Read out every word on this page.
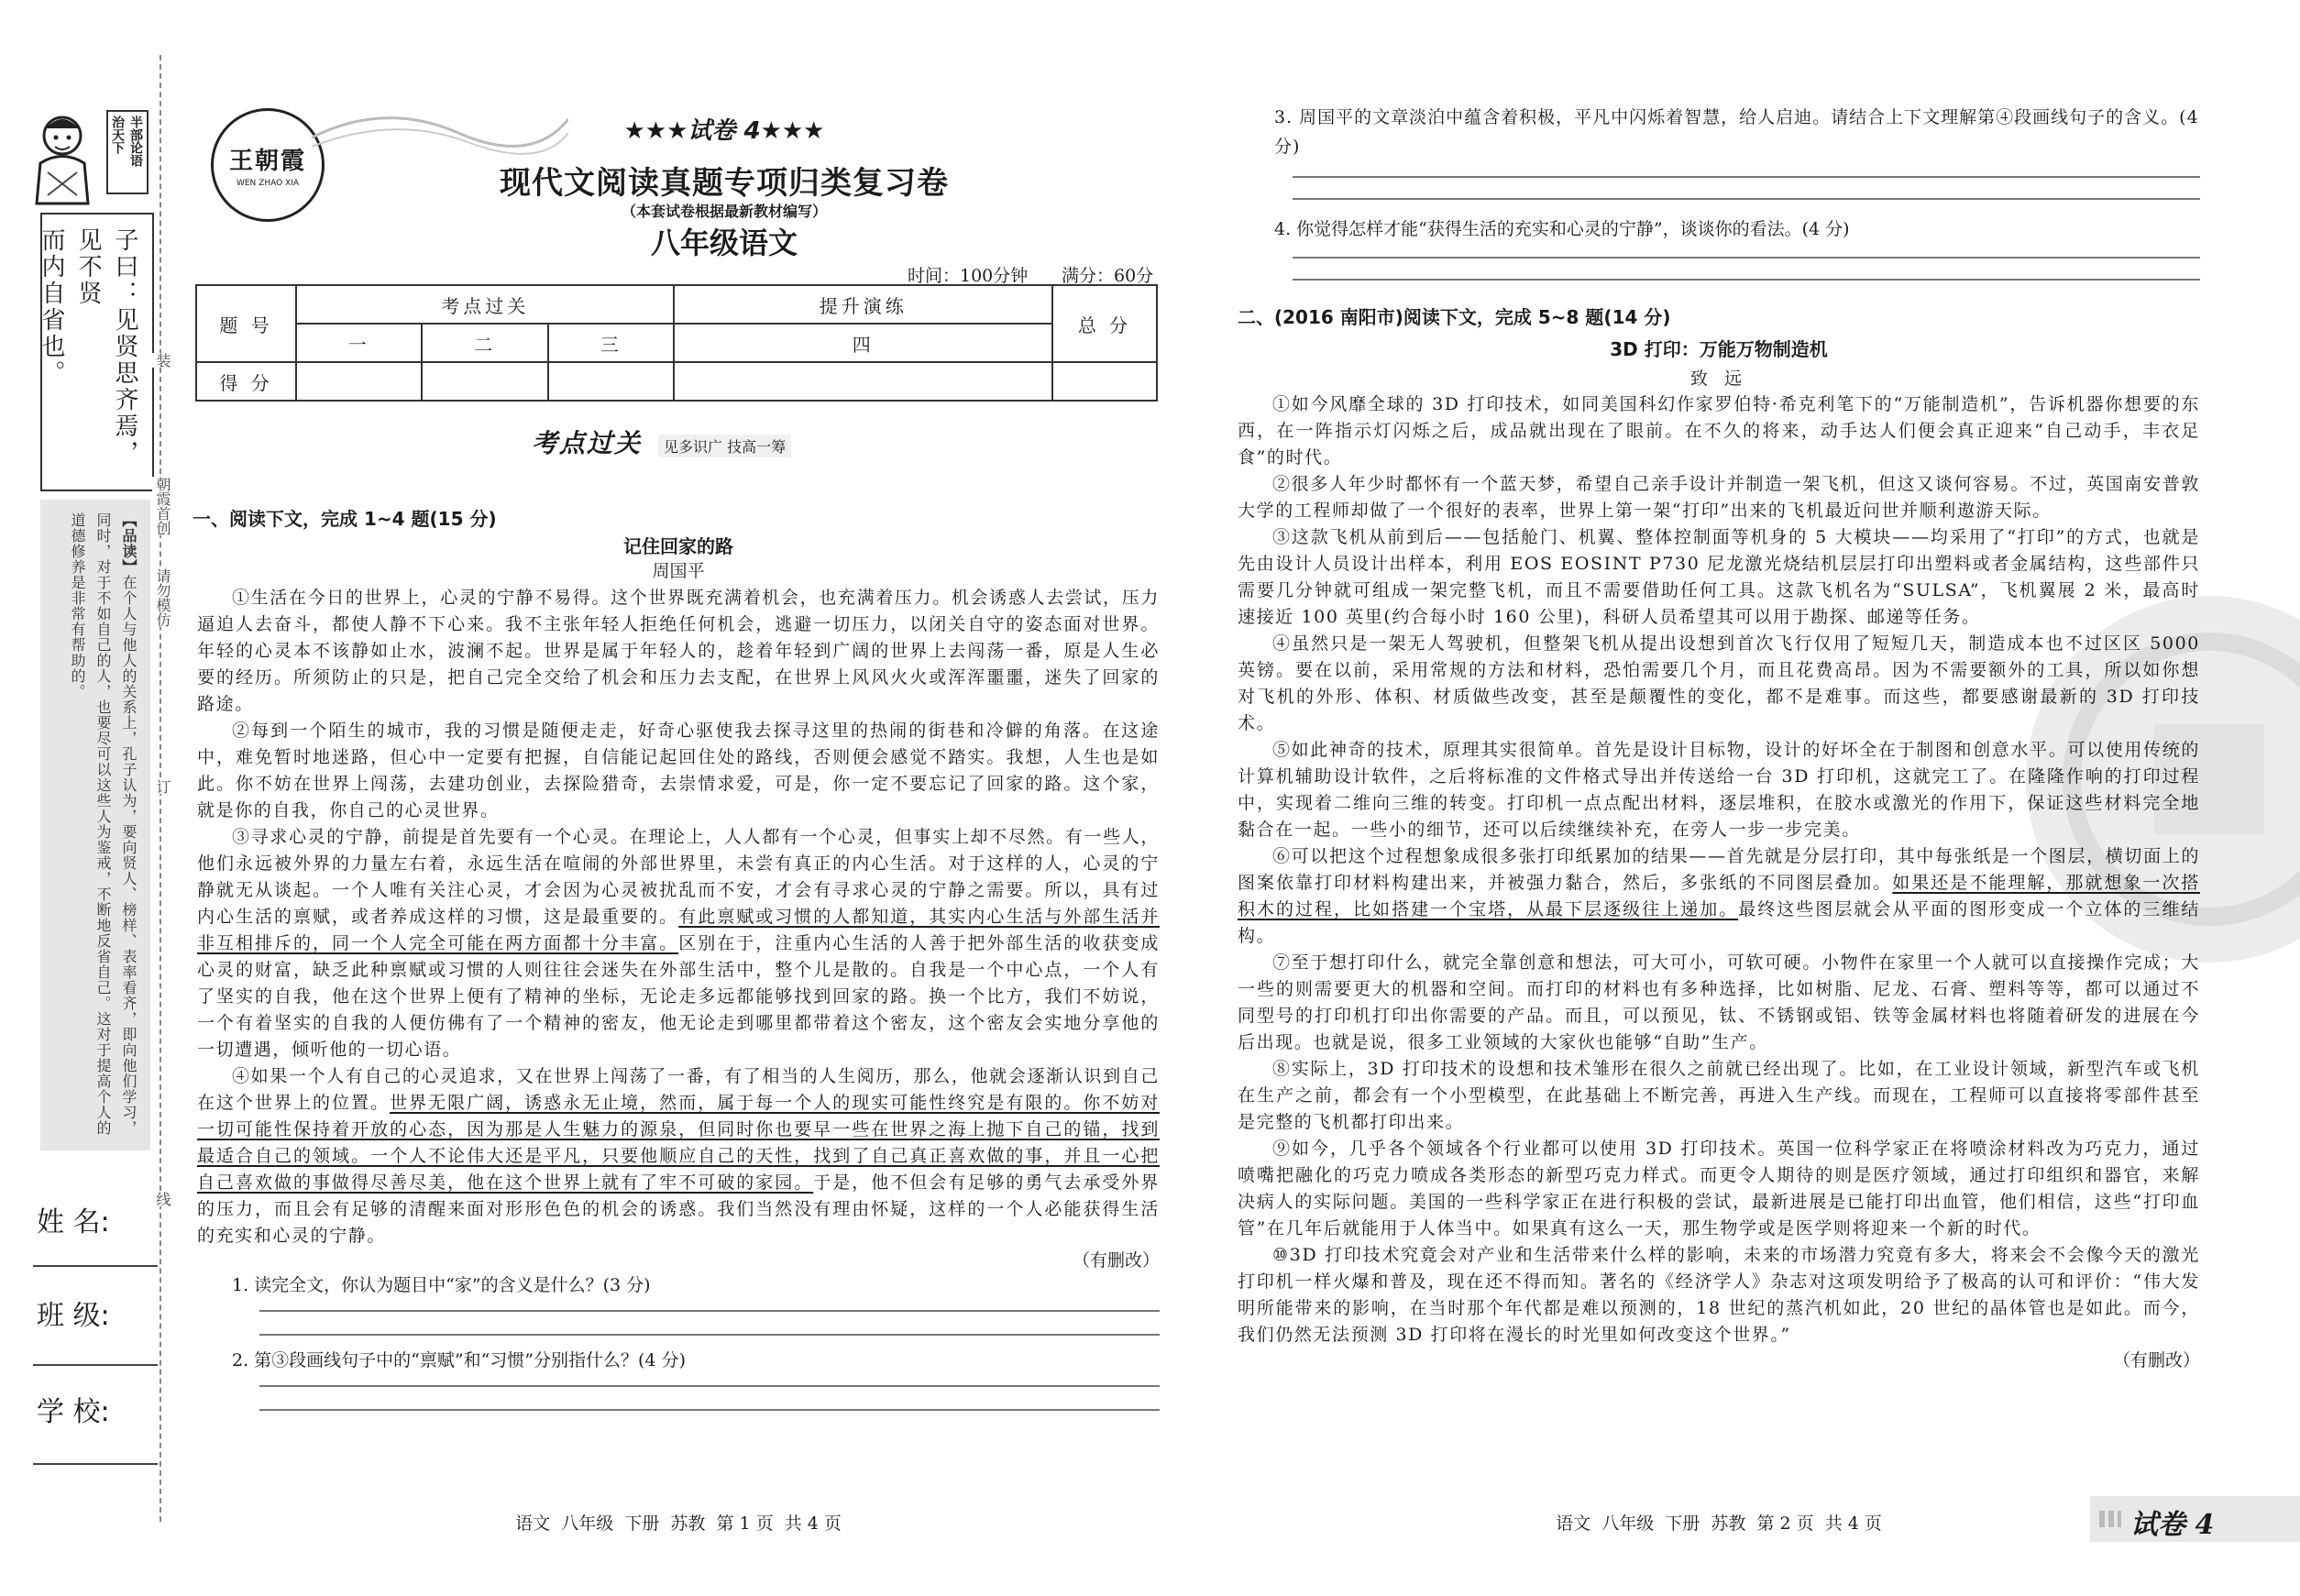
半部论语
治天下
子曰：见贤思齐焉，见不贤
而内自省也。
【品读】在个人与他人的关系上，孔子认为，要向贤人、榜样、表率看齐，即向他们学习，同时，对于不如自己的人，也要尽可以这些人为鉴戒，不断地反省自己。这对于提高个人的道德修养是非常有帮助的。
姓 名:
班 级:
学 校:
装
朝霞首创
请勿模仿
订
线
王朝霞
WEN ZHAO XIA
★★★试卷 4★★★
现代文阅读真题专项归类复习卷
（本套试卷根据最新教材编写）
八年级语文
时间：100分钟 满分：60分
题 号	考点过关			提升演练	总 分
	一	二	三	四	
得 分					
考点过关	见多识广 技高一筹
一、阅读下文，完成 1~4 题(15 分)
记住回家的路
周国平

①生活在今日的世界上，心灵的宁静不易得。这个世界既充满着机会，也充满着压力。机会诱惑人去尝试，压力逼迫人去奋斗，都使人静不下心来。我不主张年轻人拒绝任何机会，逃避一切压力，以闭关自守的姿态面对世界。年轻的心灵本不该静如止水，波澜不起。世界是属于年轻人的，趁着年轻到广阔的世界上去闯荡一番，原是人生必要的经历。所须防止的只是，把自己完全交给了机会和压力去支配，在世界上风风火火或浑浑噩噩，迷失了回家的路途。

②每到一个陌生的城市，我的习惯是随便走走，好奇心驱使我去探寻这里的热闹的街巷和冷僻的角落。在这途中，难免暂时地迷路，但心中一定要有把握，自信能记起回住处的路线，否则便会感觉不踏实。我想，人生也是如此。你不妨在世界上闯荡，去建功创业，去探险猎奇，去崇情求爱，可是，你一定不要忘记了回家的路。这个家，就是你的自我，你自己的心灵世界。

③寻求心灵的宁静，前提是首先要有一个心灵。在理论上，人人都有一个心灵，但事实上却不尽然。有一些人，他们永远被外界的力量左右着，永远生活在喧闹的外部世界里，未尝有真正的内心生活。对于这样的人，心灵的宁静就无从谈起。一个人唯有关注心灵，才会因为心灵被扰乱而不安，才会有寻求心灵的宁静之需要。所以，具有过内心生活的禀赋，或者养成这样的习惯，这是最重要的。有此禀赋或习惯的人都知道，其实内心生活与外部生活并非互相排斥的，同一个人完全可能在两方面都十分丰富。区别在于，注重内心生活的人善于把外部生活的收获变成心灵的财富，缺乏此种禀赋或习惯的人则往往会迷失在外部生活中，整个儿是散的。自我是一个中心点，一个人有了坚实的自我，他在这个世界上便有了精神的坐标，无论走多远都能够找到回家的路。换一个比方，我们不妨说，一个有着坚实的自我的人便仿佛有了一个精神的密友，他无论走到哪里都带着这个密友，这个密友会实地分享他的一切遭遇，倾听他的一切心语。

④如果一个人有自己的心灵追求，又在世界上闯荡了一番，有了相当的人生阅历，那么，他就会逐渐认识到自己在这个世界上的位置。世界无限广阔，诱惑永无止境，然而，属于每一个人的现实可能性终究是有限的。你不妨对一切可能性保持着开放的心态，因为那是人生魅力的源泉，但同时你也要早一些在世界之海上抛下自己的锚，找到最适合自己的领域。一个人不论伟大还是平凡，只要他顺应自己的天性，找到了自己真正喜欢做的事，并且一心把自己喜欢做的事做得尽善尽美，他在这个世界上就有了牢不可破的家园。于是，他不但会有足够的勇气去承受外界的压力，而且会有足够的清醒来面对形形色色的机会的诱惑。我们当然没有理由怀疑，这样的一个人必能获得生活的充实和心灵的宁静。

（有删改）
1. 读完全文，你认为题目中“家”的含义是什么？(3 分)
2. 第③段画线句子中的“禀赋”和“习惯”分别指什么？(4 分)
语文  八年级  下册  苏教  第 1 页  共 4 页
3. 周国平的文章淡泊中蕴含着积极，平凡中闪烁着智慧，给人启迪。请结合上下文理解第④段画线句子的含义。(4 分)
4. 你觉得怎样才能“获得生活的充实和心灵的宁静”，谈谈你的看法。(4 分)
二、(2016 南阳市)阅读下文，完成 5~8 题(14 分)
3D 打印：万能万物制造机
致 远

①如今风靡全球的 3D 打印技术，如同美国科幻作家罗伯特·希克利笔下的“万能制造机”，告诉机器你想要的东西，在一阵指示灯闪烁之后，成品就出现在了眼前。在不久的将来，动手达人们便会真正迎来“自己动手，丰衣足食”的时代。

②很多人年少时都怀有一个蓝天梦，希望自己亲手设计并制造一架飞机，但这又谈何容易。不过，英国南安普敦大学的工程师却做了一个很好的表率，世界上第一架“打印”出来的飞机最近问世并顺利遨游天际。

③这款飞机从前到后——包括舱门、机翼、整体控制面等机身的 5 大模块——均采用了“打印”的方式，也就是先由设计人员设计出样本，利用 EOS EOSINT P730 尼龙激光烧结机层层打印出塑料或者金属结构，这些部件只需要几分钟就可组成一架完整飞机，而且不需要借助任何工具。这款飞机名为“SULSA”，飞机翼展 2 米，最高时速接近 100 英里(约合每小时 160 公里)，科研人员希望其可以用于勘探、邮递等任务。

④虽然只是一架无人驾驶机，但整架飞机从提出设想到首次飞行仅用了短短几天，制造成本也不过区区 5000 英镑。要在以前，采用常规的方法和材料，恐怕需要几个月，而且花费高昂。因为不需要额外的工具，所以如你想对飞机的外形、体积、材质做些改变，甚至是颠覆性的变化，都不是难事。而这些，都要感谢最新的 3D 打印技术。

⑤如此神奇的技术，原理其实很简单。首先是设计目标物，设计的好坏全在于制图和创意水平。可以使用传统的计算机辅助设计软件，之后将标准的文件格式导出并传送给一台 3D 打印机，这就完工了。在隆隆作响的打印过程中，实现着二维向三维的转变。打印机一点点配出材料，逐层堆积，在胶水或激光的作用下，保证这些材料完全地黏合在一起。一些小的细节，还可以后续继续补充，在旁人一步一步完美。

⑥可以把这个过程想象成很多张打印纸累加的结果——首先就是分层打印，其中每张纸是一个图层，横切面上的图案依靠打印材料构建出来，并被强力黏合，然后，多张纸的不同图层叠加。如果还是不能理解，那就想象一次搭积木的过程，比如搭建一个宝塔，从最下层逐级往上递加。最终这些图层就会从平面的图形变成一个立体的三维结构。

⑦至于想打印什么，就完全靠创意和想法，可大可小，可软可硬。小物件在家里一个人就可以直接操作完成；大一些的则需要更大的机器和空间。而打印的材料也有多种选择，比如树脂、尼龙、石膏、塑料等等，都可以通过不同型号的打印机打印出你需要的产品。而且，可以预见，钛、不锈钢或铝、铁等金属材料也将随着研发的进展在今后出现。也就是说，很多工业领域的大家伙也能够“自助”生产。

⑧实际上，3D 打印技术的设想和技术雏形在很久之前就已经出现了。比如，在工业设计领域，新型汽车或飞机在生产之前，都会有一个小型模型，在此基础上不断完善，再进入生产线。而现在，工程师可以直接将零部件甚至是完整的飞机都打印出来。

⑨如今，几乎各个领域各个行业都可以使用 3D 打印技术。英国一位科学家正在将喷涂材料改为巧克力，通过喷嘴把融化的巧克力喷成各类形态的新型巧克力样式。而更令人期待的则是医疗领域，通过打印组织和器官，来解决病人的实际问题。美国的一些科学家正在进行积极的尝试，最新进展是已能打印出血管，他们相信，这些“打印血管”在几年后就能用于人体当中。如果真有这么一天，那生物学或是医学则将迎来一个新的时代。

⑩3D 打印技术究竟会对产业和生活带来什么样的影响，未来的市场潜力究竟有多大，将来会不会像今天的激光打印机一样火爆和普及，现在还不得而知。著名的《经济学人》杂志对这项发明给予了极高的认可和评价：“伟大发明所能带来的影响，在当时那个年代都是难以预测的，18 世纪的蒸汽机如此，20 世纪的晶体管也是如此。而今，我们仍然无法预测 3D 打印将在漫长的时光里如何改变这个世界。”

（有删改）
语文  八年级  下册  苏教  第 2 页  共 4 页	试卷 4
